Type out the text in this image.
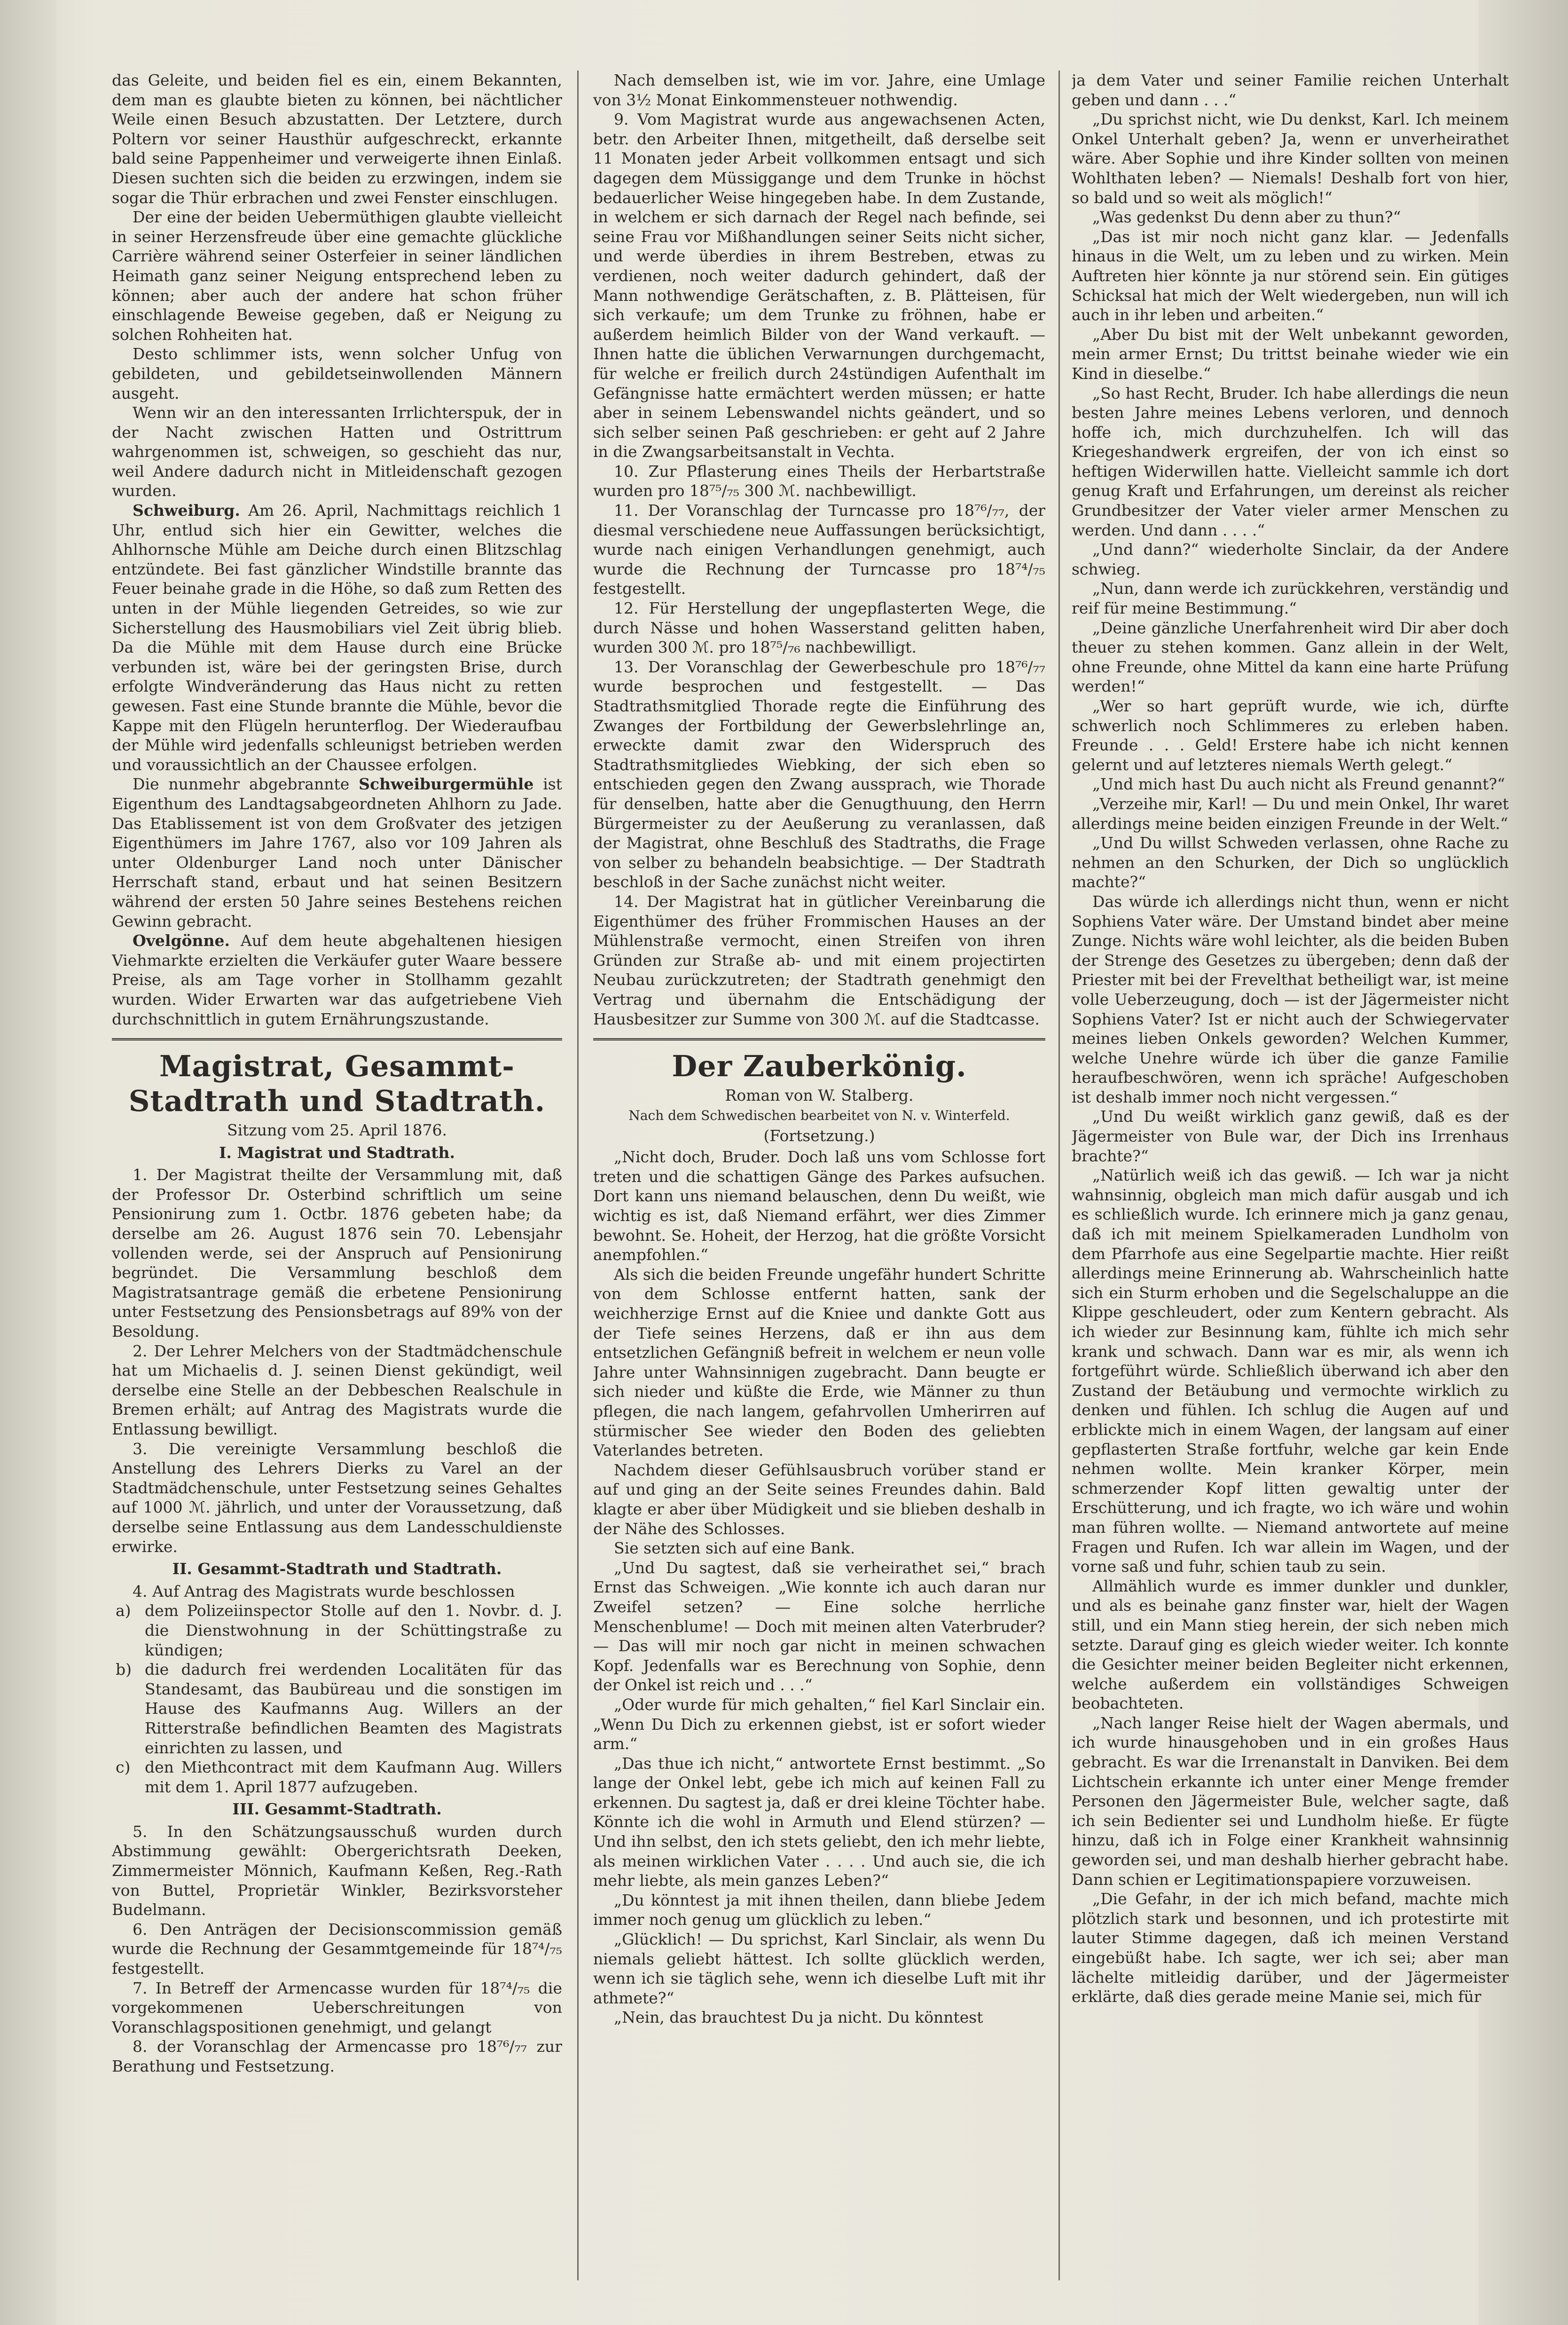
das Geleite, und beiden fiel es ein, einem Bekannten, dem man es glaubte bieten zu können, bei nächtlicher Weile einen Besuch abzustatten. Der Letztere, durch Poltern vor seiner Hausthür aufgeschreckt, erkannte bald seine Pappenheimer und verweigerte ihnen Einlaß. Diesen suchten sich die beiden zu erzwingen, indem sie sogar die Thür erbrachen und zwei Fenster einschlugen.

Der eine der beiden Uebermüthigen glaubte vielleicht in seiner Herzensfreude über eine gemachte glückliche Carrière während seiner Osterfeier in seiner ländlichen Heimath ganz seiner Neigung entsprechend leben zu können; aber auch der andere hat schon früher einschlagende Beweise gegeben, daß er Neigung zu solchen Rohheiten hat.

Desto schlimmer ists, wenn solcher Unfug von gebildeten, und gebildetseinwollenden Männern ausgeht.

Wenn wir an den interessanten Irrlichterspuk, der in der Nacht zwischen Hatten und Ostrittrum wahrgenommen ist, schweigen, so geschieht das nur, weil Andere dadurch nicht in Mitleidenschaft gezogen wurden.

Schweiburg. Am 26. April, Nachmittags reichlich 1 Uhr, entlud sich hier ein Gewitter, welches die Ahlhornsche Mühle am Deiche durch einen Blitzschlag entzündete. Bei fast gänzlicher Windstille brannte das Feuer beinahe grade in die Höhe, so daß zum Retten des unten in der Mühle liegenden Getreides, so wie zur Sicherstellung des Hausmobiliars viel Zeit übrig blieb. Da die Mühle mit dem Hause durch eine Brücke verbunden ist, wäre bei der geringsten Brise, durch erfolgte Windveränderung das Haus nicht zu retten gewesen. Fast eine Stunde brannte die Mühle, bevor die Kappe mit den Flügeln herunterflog. Der Wiederaufbau der Mühle wird jedenfalls schleunigst betrieben werden und voraussichtlich an der Chaussee erfolgen.

Die nunmehr abgebrannte Schweiburgermühle ist Eigenthum des Landtagsabgeordneten Ahlhorn zu Jade. Das Etablissement ist von dem Großvater des jetzigen Eigenthümers im Jahre 1767, also vor 109 Jahren als unter Oldenburger Land noch unter Dänischer Herrschaft stand, erbaut und hat seinen Besitzern während der ersten 50 Jahre seines Bestehens reichen Gewinn gebracht.

Ovelgönne. Auf dem heute abgehaltenen hiesigen Viehmarkte erzielten die Verkäufer guter Waare bessere Preise, als am Tage vorher in Stollhamm gezahlt wurden. Wider Erwarten war das aufgetriebene Vieh durchschnittlich in gutem Ernährungszustande.

Magistrat, Gesammt-Stadtrath und Stadtrath.
Sitzung vom 25. April 1876.
I. Magistrat und Stadtrath.

1. Der Magistrat theilte der Versammlung mit, daß der Professor Dr. Osterbind schriftlich um seine Pensionirung zum 1. Octbr. 1876 gebeten habe; da derselbe am 26. August 1876 sein 70. Lebensjahr vollenden werde, sei der Anspruch auf Pensionirung begründet. Die Versammlung beschloß dem Magistratsantrage gemäß die erbetene Pensionirung unter Festsetzung des Pensionsbetrags auf 89% von der Besoldung.

2. Der Lehrer Melchers von der Stadtmädchenschule hat um Michaelis d. J. seinen Dienst gekündigt, weil derselbe eine Stelle an der Debbeschen Realschule in Bremen erhält; auf Antrag des Magistrats wurde die Entlassung bewilligt.

3. Die vereinigte Versammlung beschloß die Anstellung des Lehrers Dierks zu Varel an der Stadtmädchenschule, unter Festsetzung seines Gehaltes auf 1000 ℳ. jährlich, und unter der Voraussetzung, daß derselbe seine Entlassung aus dem Landesschuldienste erwirke.

II. Gesammt-Stadtrath und Stadtrath.

4. Auf Antrag des Magistrats wurde beschlossen

a) dem Polizeiinspector Stolle auf den 1. Novbr. d. J. die Dienstwohnung in der Schüttingstraße zu kündigen;

b) die dadurch frei werdenden Localitäten für das Standesamt, das Baubüreau und die sonstigen im Hause des Kaufmanns Aug. Willers an der Ritterstraße befindlichen Beamten des Magistrats einrichten zu lassen, und

c) den Miethcontract mit dem Kaufmann Aug. Willers mit dem 1. April 1877 aufzugeben.

III. Gesammt-Stadtrath.

5. In den Schätzungsausschuß wurden durch Abstimmung gewählt: Obergerichtsrath Deeken, Zimmermeister Mönnich, Kaufmann Keßen, Reg.-Rath von Buttel, Proprietär Winkler, Bezirksvorsteher Budelmann.

6. Den Anträgen der Decisionscommission gemäß wurde die Rechnung der Gesammtgemeinde für 18⁷⁴/₇₅ festgestellt.

7. In Betreff der Armencasse wurden für 18⁷⁴/₇₅ die vorgekommenen Ueberschreitungen von Voranschlagspositionen genehmigt, und gelangt

8. der Voranschlag der Armencasse pro 18⁷⁶/₇₇ zur Berathung und Festsetzung.

Nach demselben ist, wie im vor. Jahre, eine Umlage von 3½ Monat Einkommensteuer nothwendig.

9. Vom Magistrat wurde aus angewachsenen Acten, betr. den Arbeiter Ihnen, mitgetheilt, daß derselbe seit 11 Monaten jeder Arbeit vollkommen entsagt und sich dagegen dem Müssiggange und dem Trunke in höchst bedauerlicher Weise hingegeben habe. In dem Zustande, in welchem er sich darnach der Regel nach befinde, sei seine Frau vor Mißhandlungen seiner Seits nicht sicher, und werde überdies in ihrem Bestreben, etwas zu verdienen, noch weiter dadurch gehindert, daß der Mann nothwendige Gerätschaften, z. B. Plätteisen, für sich verkaufe; um dem Trunke zu fröhnen, habe er außerdem heimlich Bilder von der Wand verkauft. — Ihnen hatte die üblichen Verwarnungen durchgemacht, für welche er freilich durch 24stündigen Aufenthalt im Gefängnisse hatte ermächtert werden müssen; er hatte aber in seinem Lebenswandel nichts geändert, und so sich selber seinen Paß geschrieben: er geht auf 2 Jahre in die Zwangsarbeitsanstalt in Vechta.

10. Zur Pflasterung eines Theils der Herbartstraße wurden pro 18⁷⁵/₇₅ 300 ℳ. nachbewilligt.

11. Der Voranschlag der Turncasse pro 18⁷⁶/₇₇, der diesmal verschiedene neue Auffassungen berücksichtigt, wurde nach einigen Verhandlungen genehmigt, auch wurde die Rechnung der Turncasse pro 18⁷⁴/₇₅ festgestellt.

12. Für Herstellung der ungepflasterten Wege, die durch Nässe und hohen Wasserstand gelitten haben, wurden 300 ℳ. pro 18⁷⁵/₇₆ nachbewilligt.

13. Der Voranschlag der Gewerbeschule pro 18⁷⁶/₇₇ wurde besprochen und festgestellt. — Das Stadtrathsmitglied Thorade regte die Einführung des Zwanges der Fortbildung der Gewerbslehrlinge an, erweckte damit zwar den Widerspruch des Stadtrathsmitgliedes Wiebking, der sich eben so entschieden gegen den Zwang aussprach, wie Thorade für denselben, hatte aber die Genugthuung, den Herrn Bürgermeister zu der Aeußerung zu veranlassen, daß der Magistrat, ohne Beschluß des Stadtraths, die Frage von selber zu behandeln beabsichtige. — Der Stadtrath beschloß in der Sache zunächst nicht weiter.

14. Der Magistrat hat in gütlicher Vereinbarung die Eigenthümer des früher Frommischen Hauses an der Mühlenstraße vermocht, einen Streifen von ihren Gründen zur Straße ab- und mit einem projectirten Neubau zurückzutreten; der Stadtrath genehmigt den Vertrag und übernahm die Entschädigung der Hausbesitzer zur Summe von 300 ℳ. auf die Stadtcasse.

Der Zauberkönig.
Roman von W. Stalberg.
Nach dem Schwedischen bearbeitet von N. v. Winterfeld.
(Fortsetzung.)

„Nicht doch, Bruder. Doch laß uns vom Schlosse fort treten und die schattigen Gänge des Parkes aufsuchen. Dort kann uns niemand belauschen, denn Du weißt, wie wichtig es ist, daß Niemand erfährt, wer dies Zimmer bewohnt. Se. Hoheit, der Herzog, hat die größte Vorsicht anempfohlen.“

Als sich die beiden Freunde ungefähr hundert Schritte von dem Schlosse entfernt hatten, sank der weichherzige Ernst auf die Kniee und dankte Gott aus der Tiefe seines Herzens, daß er ihn aus dem entsetzlichen Gefängniß befreit in welchem er neun volle Jahre unter Wahnsinnigen zugebracht. Dann beugte er sich nieder und küßte die Erde, wie Männer zu thun pflegen, die nach langem, gefahrvollen Umherirren auf stürmischer See wieder den Boden des geliebten Vaterlandes betreten.

Nachdem dieser Gefühlsausbruch vorüber stand er auf und ging an der Seite seines Freundes dahin. Bald klagte er aber über Müdigkeit und sie blieben deshalb in der Nähe des Schlosses.

Sie setzten sich auf eine Bank.

„Und Du sagtest, daß sie verheirathet sei,“ brach Ernst das Schweigen. „Wie konnte ich auch daran nur Zweifel setzen? — Eine solche herrliche Menschenblume! — Doch mit meinen alten Vaterbruder? — Das will mir noch gar nicht in meinen schwachen Kopf. Jedenfalls war es Berechnung von Sophie, denn der Onkel ist reich und . . .“

„Oder wurde für mich gehalten,“ fiel Karl Sinclair ein. „Wenn Du Dich zu erkennen giebst, ist er sofort wieder arm.“

„Das thue ich nicht,“ antwortete Ernst bestimmt. „So lange der Onkel lebt, gebe ich mich auf keinen Fall zu erkennen. Du sagtest ja, daß er drei kleine Töchter habe. Könnte ich die wohl in Armuth und Elend stürzen? — Und ihn selbst, den ich stets geliebt, den ich mehr liebte, als meinen wirklichen Vater . . . . Und auch sie, die ich mehr liebte, als mein ganzes Leben?“

„Du könntest ja mit ihnen theilen, dann bliebe Jedem immer noch genug um glücklich zu leben.“

„Glücklich! — Du sprichst, Karl Sinclair, als wenn Du niemals geliebt hättest. Ich sollte glücklich werden, wenn ich sie täglich sehe, wenn ich dieselbe Luft mit ihr athmete?“

„Nein, das brauchtest Du ja nicht. Du könntest

ja dem Vater und seiner Familie reichen Unterhalt geben und dann . . .“

„Du sprichst nicht, wie Du denkst, Karl. Ich meinem Onkel Unterhalt geben? Ja, wenn er unverheirathet wäre. Aber Sophie und ihre Kinder sollten von meinen Wohlthaten leben? — Niemals! Deshalb fort von hier, so bald und so weit als möglich!“

„Was gedenkst Du denn aber zu thun?“

„Das ist mir noch nicht ganz klar. — Jedenfalls hinaus in die Welt, um zu leben und zu wirken. Mein Auftreten hier könnte ja nur störend sein. Ein gütiges Schicksal hat mich der Welt wiedergeben, nun will ich auch in ihr leben und arbeiten.“

„Aber Du bist mit der Welt unbekannt geworden, mein armer Ernst; Du trittst beinahe wieder wie ein Kind in dieselbe.“

„So hast Recht, Bruder. Ich habe allerdings die neun besten Jahre meines Lebens verloren, und dennoch hoffe ich, mich durchzuhelfen. Ich will das Kriegeshandwerk ergreifen, der von ich einst so heftigen Widerwillen hatte. Vielleicht sammle ich dort genug Kraft und Erfahrungen, um dereinst als reicher Grundbesitzer der Vater vieler armer Menschen zu werden. Und dann . . . .“

„Und dann?“ wiederholte Sinclair, da der Andere schwieg.

„Nun, dann werde ich zurückkehren, verständig und reif für meine Bestimmung.“

„Deine gänzliche Unerfahrenheit wird Dir aber doch theuer zu stehen kommen. Ganz allein in der Welt, ohne Freunde, ohne Mittel da kann eine harte Prüfung werden!“

„Wer so hart geprüft wurde, wie ich, dürfte schwerlich noch Schlimmeres zu erleben haben. Freunde . . . Geld! Erstere habe ich nicht kennen gelernt und auf letzteres niemals Werth gelegt.“

„Und mich hast Du auch nicht als Freund genannt?“

„Verzeihe mir, Karl! — Du und mein Onkel, Ihr waret allerdings meine beiden einzigen Freunde in der Welt.“

„Und Du willst Schweden verlassen, ohne Rache zu nehmen an den Schurken, der Dich so unglücklich machte?“

Das würde ich allerdings nicht thun, wenn er nicht Sophiens Vater wäre. Der Umstand bindet aber meine Zunge. Nichts wäre wohl leichter, als die beiden Buben der Strenge des Gesetzes zu übergeben; denn daß der Priester mit bei der Frevelthat betheiligt war, ist meine volle Ueberzeugung, doch — ist der Jägermeister nicht Sophiens Vater? Ist er nicht auch der Schwiegervater meines lieben Onkels geworden? Welchen Kummer, welche Unehre würde ich über die ganze Familie heraufbeschwören, wenn ich spräche! Aufgeschoben ist deshalb immer noch nicht vergessen.“

„Und Du weißt wirklich ganz gewiß, daß es der Jägermeister von Bule war, der Dich ins Irrenhaus brachte?“

„Natürlich weiß ich das gewiß. — Ich war ja nicht wahnsinnig, obgleich man mich dafür ausgab und ich es schließlich wurde. Ich erinnere mich ja ganz genau, daß ich mit meinem Spielkameraden Lundholm von dem Pfarrhofe aus eine Segelpartie machte. Hier reißt allerdings meine Erinnerung ab. Wahrscheinlich hatte sich ein Sturm erhoben und die Segelschaluppe an die Klippe geschleudert, oder zum Kentern gebracht. Als ich wieder zur Besinnung kam, fühlte ich mich sehr krank und schwach. Dann war es mir, als wenn ich fortgeführt würde. Schließlich überwand ich aber den Zustand der Betäubung und vermochte wirklich zu denken und fühlen. Ich schlug die Augen auf und erblickte mich in einem Wagen, der langsam auf einer gepflasterten Straße fortfuhr, welche gar kein Ende nehmen wollte. Mein kranker Körper, mein schmerzender Kopf litten gewaltig unter der Erschütterung, und ich fragte, wo ich wäre und wohin man führen wollte. — Niemand antwortete auf meine Fragen und Rufen. Ich war allein im Wagen, und der vorne saß und fuhr, schien taub zu sein.

Allmählich wurde es immer dunkler und dunkler, und als es beinahe ganz finster war, hielt der Wagen still, und ein Mann stieg herein, der sich neben mich setzte. Darauf ging es gleich wieder weiter. Ich konnte die Gesichter meiner beiden Begleiter nicht erkennen, welche außerdem ein vollständiges Schweigen beobachteten.

„Nach langer Reise hielt der Wagen abermals, und ich wurde hinausgehoben und in ein großes Haus gebracht. Es war die Irrenanstalt in Danviken. Bei dem Lichtschein erkannte ich unter einer Menge fremder Personen den Jägermeister Bule, welcher sagte, daß ich sein Bedienter sei und Lundholm hieße. Er fügte hinzu, daß ich in Folge einer Krankheit wahnsinnig geworden sei, und man deshalb hierher gebracht habe. Dann schien er Legitimationspapiere vorzuweisen.

„Die Gefahr, in der ich mich befand, machte mich plötzlich stark und besonnen, und ich protestirte mit lauter Stimme dagegen, daß ich meinen Verstand eingebüßt habe. Ich sagte, wer ich sei; aber man lächelte mitleidig darüber, und der Jägermeister erklärte, daß dies gerade meine Manie sei, mich für
